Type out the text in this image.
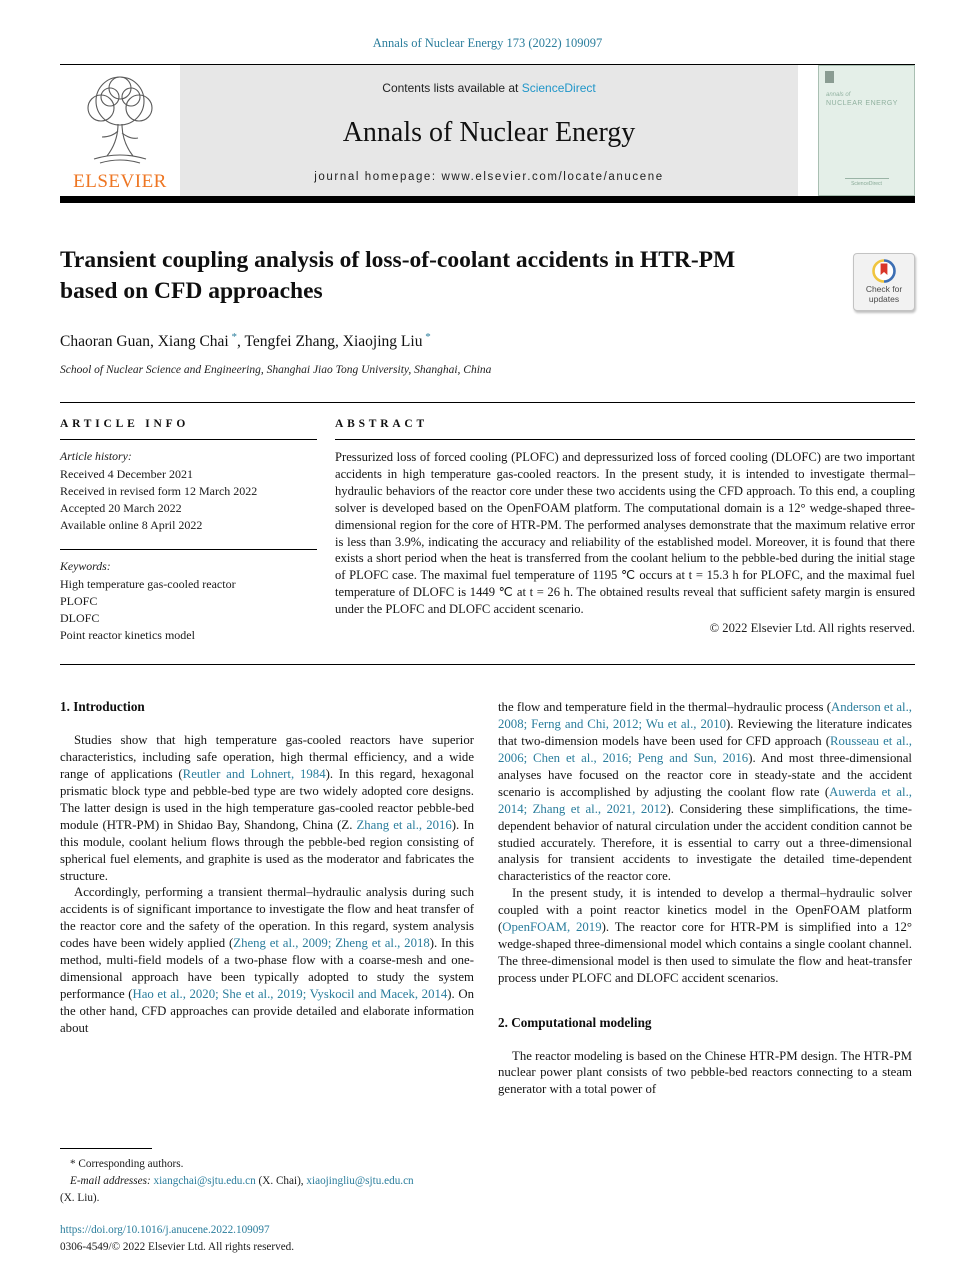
Annals of Nuclear Energy 173 (2022) 109097
ELSEVIER
Contents lists available at ScienceDirect
Annals of Nuclear Energy
journal homepage: www.elsevier.com/locate/anucene
annals of
NUCLEAR ENERGY
ScienceDirect
Transient coupling analysis of loss-of-coolant accidents in HTR-PM based on CFD approaches	Check for
updates
Chaoran Guan, Xiang Chai *, Tengfei Zhang, Xiaojing Liu *
School of Nuclear Science and Engineering, Shanghai Jiao Tong University, Shanghai, China
ARTICLE INFO
Article history:
Received 4 December 2021
Received in revised form 12 March 2022
Accepted 20 March 2022
Available online 8 April 2022
Keywords:
High temperature gas-cooled reactor
PLOFC
DLOFC
Point reactor kinetics model
ABSTRACT
Pressurized loss of forced cooling (PLOFC) and depressurized loss of forced cooling (DLOFC) are two important accidents in high temperature gas-cooled reactors. In the present study, it is intended to investigate thermal–hydraulic behaviors of the reactor core under these two accidents using the CFD approach. To this end, a coupling solver is developed based on the OpenFOAM platform. The computational domain is a 12° wedge-shaped three-dimensional region for the core of HTR-PM. The performed analyses demonstrate that the maximum relative error is less than 3.9%, indicating the accuracy and reliability of the established model. Moreover, it is found that there exists a short period when the heat is transferred from the coolant helium to the pebble-bed during the initial stage of PLOFC case. The maximal fuel temperature of 1195 ℃ occurs at t = 15.3 h for PLOFC, and the maximal fuel temperature of DLOFC is 1449 ℃ at t = 26 h. The obtained results reveal that sufficient safety margin is ensured under the PLOFC and DLOFC accident scenario.
© 2022 Elsevier Ltd. All rights reserved.
1. Introduction

Studies show that high temperature gas-cooled reactors have superior characteristics, including safe operation, high thermal efficiency, and a wide range of applications (Reutler and Lohnert, 1984). In this regard, hexagonal prismatic block type and pebble-bed type are two widely adopted core designs. The latter design is used in the high temperature gas-cooled reactor pebble-bed module (HTR-PM) in Shidao Bay, Shandong, China (Z. Zhang et al., 2016). In this module, coolant helium flows through the pebble-bed region consisting of spherical fuel elements, and graphite is used as the moderator and fabricates the structure.

Accordingly, performing a transient thermal–hydraulic analysis during such accidents is of significant importance to investigate the flow and heat transfer of the reactor core and the safety of the operation. In this regard, system analysis codes have been widely applied (Zheng et al., 2009; Zheng et al., 2018). In this method, multi-field models of a two-phase flow with a coarse-mesh and one-dimensional approach have been typically adopted to study the system performance (Hao et al., 2020; She et al., 2019; Vyskocil and Macek, 2014). On the other hand, CFD approaches can provide detailed and elaborate information about

* Corresponding authors.
E-mail addresses: xiangchai@sjtu.edu.cn (X. Chai), xiaojingliu@sjtu.edu.cn
(X. Liu).
https://doi.org/10.1016/j.anucene.2022.109097
0306-4549/© 2022 Elsevier Ltd. All rights reserved.

the flow and temperature field in the thermal–hydraulic process (Anderson et al., 2008; Ferng and Chi, 2012; Wu et al., 2010). Reviewing the literature indicates that two-dimension models have been used for CFD approach (Rousseau et al., 2006; Chen et al., 2016; Peng and Sun, 2016). And most three-dimensional analyses have focused on the reactor core in steady-state and the accident scenario is accomplished by adjusting the coolant flow rate (Auwerda et al., 2014; Zhang et al., 2021, 2012). Considering these simplifications, the time-dependent behavior of natural circulation under the accident condition cannot be studied accurately. Therefore, it is essential to carry out a three-dimensional analysis for transient accidents to investigate the detailed time-dependent characteristics of the reactor core.

In the present study, it is intended to develop a thermal–hydraulic solver coupled with a point reactor kinetics model in the OpenFOAM platform (OpenFOAM, 2019). The reactor core for HTR-PM is simplified into a 12° wedge-shaped three-dimensional model which contains a single coolant channel. The three-dimensional model is then used to simulate the flow and heat-transfer process under PLOFC and DLOFC accident scenarios.

2. Computational modeling

The reactor modeling is based on the Chinese HTR-PM design. The HTR-PM nuclear power plant consists of two pebble-bed reactors connecting to a steam generator with a total power of
